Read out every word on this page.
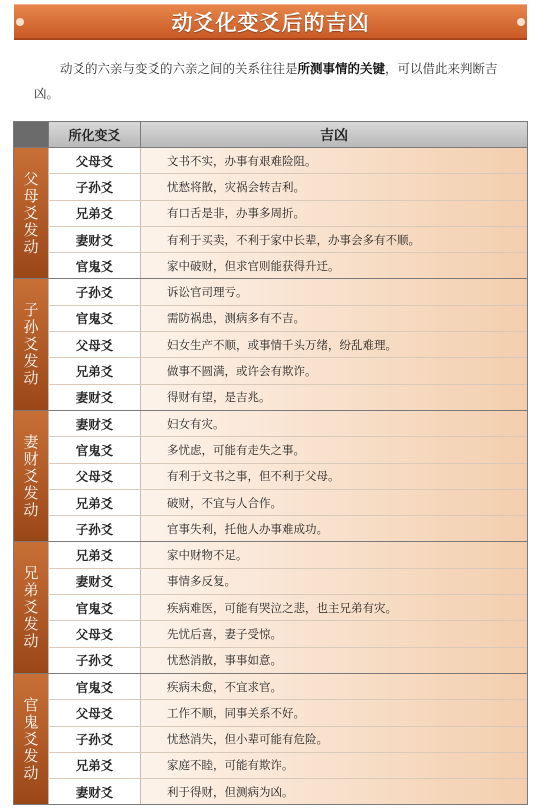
动爻化变爻后的吉凶
动爻的六亲与变爻的六亲之间的关系往往是所测事情的关键，可以借此来判断吉凶。
所化变爻	吉凶
父母爻发动
父母爻	文书不实，办事有艰难险阻。
子孙爻	忧愁将散，灾祸会转吉利。
兄弟爻	有口舌是非，办事多周折。
妻财爻	有利于买卖，不利于家中长辈，办事会多有不顺。
官鬼爻	家中破财，但求官则能获得升迁。
子孙爻发动
子孙爻	诉讼官司理亏。
官鬼爻	需防祸患，测病多有不吉。
父母爻	妇女生产不顺，或事情千头万绪，纷乱难理。
兄弟爻	做事不圆满，或许会有欺诈。
妻财爻	得财有望，是吉兆。
妻财爻发动
妻财爻	妇女有灾。
官鬼爻	多忧虑，可能有走失之事。
父母爻	有利于文书之事，但不利于父母。
兄弟爻	破财，不宜与人合作。
子孙爻	官事失利，托他人办事难成功。
兄弟爻发动
兄弟爻	家中财物不足。
妻财爻	事情多反复。
官鬼爻	疾病难医，可能有哭泣之悲，也主兄弟有灾。
父母爻	先忧后喜，妻子受惊。
子孙爻	忧愁消散，事事如意。
官鬼爻发动
官鬼爻	疾病未愈，不宜求官。
父母爻	工作不顺，同事关系不好。
子孙爻	忧愁消失，但小辈可能有危险。
兄弟爻	家庭不睦，可能有欺诈。
妻财爻	利于得财，但测病为凶。
